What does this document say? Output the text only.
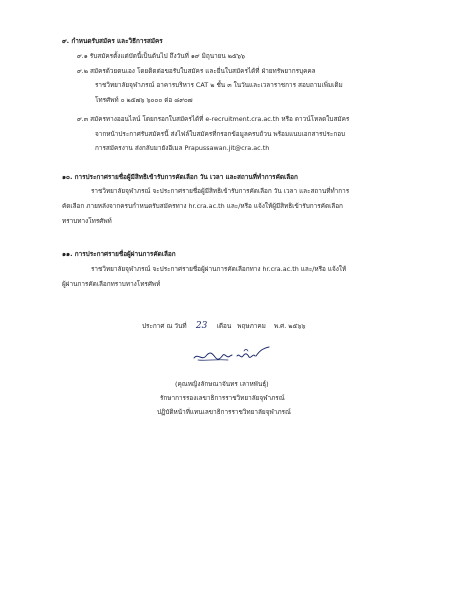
๙. กำหนดรับสมัคร และวิธีการสมัคร
๙.๑ รับสมัครตั้งแต่บัดนี้เป็นต้นไป ถึงวันที่ ๑๙ มิถุนายน ๒๕๖๖
๙.๒ สมัครด้วยตนเอง โดยติดต่อขอรับใบสมัคร และยื่นใบสมัครได้ที่ ฝ่ายทรัพยากรบุคคล
ราชวิทยาลัยจุฬาภรณ์ อาคารบริหาร CAT ๒ ชั้น ๓ ในวันและเวลาราชการ สอบถามเพิ่มเติม
โทรศัพท์ ๐ ๒๕๗๖ ๖๐๐๐ ต่อ ๘๙๐๗
๙.๓ สมัครทางออนไลน์ โดยกรอกใบสมัครได้ที่ e-recruitment.cra.ac.th หรือ ดาวน์โหลดใบสมัคร
จากหน้าประกาศรับสมัครนี้ ส่งไฟล์ใบสมัครที่กรอกข้อมูลครบถ้วน พร้อมแนบเอกสารประกอบ
การสมัครงาน ส่งกลับมายังอีเมล Prapussawan.jit@cra.ac.th
๑๐. การประกาศรายชื่อผู้มีสิทธิเข้ารับการคัดเลือก วัน เวลา และสถานที่ทำการคัดเลือก
ราชวิทยาลัยจุฬาภรณ์ จะประกาศรายชื่อผู้มีสิทธิเข้ารับการคัดเลือก วัน เวลา และสถานที่ทำการ
คัดเลือก ภายหลังจากครบกำหนดรับสมัครทาง hr.cra.ac.th และ/หรือ แจ้งให้ผู้มีสิทธิเข้ารับการคัดเลือก
ทราบทางโทรศัพท์
๑๑. การประกาศรายชื่อผู้ผ่านการคัดเลือก
ราชวิทยาลัยจุฬาภรณ์ จะประกาศรายชื่อผู้ผ่านการคัดเลือกทาง hr.cra.ac.th และ/หรือ แจ้งให้
ผู้ผ่านการคัดเลือกทราบทางโทรศัพท์
ประกาศ ณ วันที่ 23 เดือน พฤษภาคม พ.ศ. ๒๕๖๖
(คุณหญิงลักษณาจันทร เลาหพันธุ์)
รักษาการรองเลขาธิการราชวิทยาลัยจุฬาภรณ์
ปฏิบัติหน้าที่แทนเลขาธิการราชวิทยาลัยจุฬาภรณ์
